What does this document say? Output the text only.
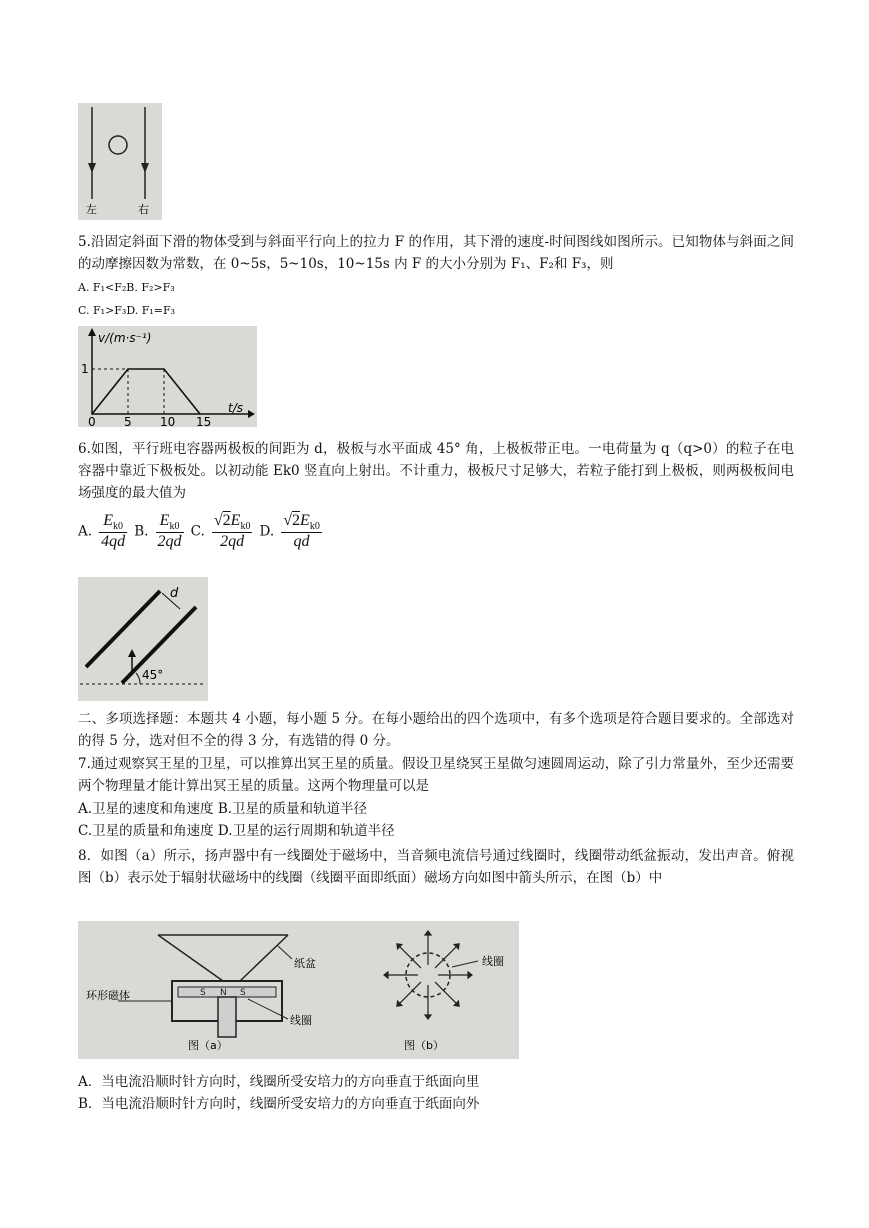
左	右
5.沿固定斜面下滑的物体受到与斜面平行向上的拉力 F 的作用，其下滑的速度-时间图线如图所示。已知物体与斜面之间的动摩擦因数为常数，在 0~5s，5~10s，10~15s 内 F 的大小分别为 F₁、F₂和 F₃，则
A. F₁<F₂B. F₂>F₃
C. F₁>F₃D. F₁=F₃
v/(m·s⁻¹)
t/s
1
0 5 10 15
6.如图，平行班电容器两极板的间距为 d，极板与水平面成 45° 角，上极板带正电。一电荷量为 q（q>0）的粒子在电容器中靠近下极板处。以初动能 Ek0 竖直向上射出。不计重力，极板尺寸足够大，若粒子能打到上极板，则两极板间电场强度的最大值为
A. $\frac{E_{k0}}{4qd} B$. $\frac{E_{k0}}{2qd} C$. $\frac{√2E_{k0}}{2qd} D$. $\frac{√2E_{k0}}{qd}$
d
45°
二、多项选择题：本题共 4 小题，每小题 5 分。在每小题给出的四个选项中，有多个选项是符合题目要求的。全部选对的得 5 分，选对但不全的得 3 分，有选错的得 0 分。
7.通过观察冥王星的卫星，可以推算出冥王星的质量。假设卫星绕冥王星做匀速圆周运动，除了引力常量外，至少还需要两个物理量才能计算出冥王星的质量。这两个物理量可以是
A.卫星的速度和角速度 B.卫星的质量和轨道半径
C.卫星的质量和角速度 D.卫星的运行周期和轨道半径
8．如图（a）所示，扬声器中有一线圈处于磁场中，当音频电流信号通过线圈时，线圈带动纸盆振动，发出声音。俯视图（b）表示处于辐射状磁场中的线圈（线圈平面即纸面）磁场方向如图中箭头所示，在图（b）中
纸盆
S N S
环形磁体
线圈
图（a）
线圈
图（b）
A．当电流沿顺时针方向时，线圈所受安培力的方向垂直于纸面向里
B．当电流沿顺时针方向时，线圈所受安培力的方向垂直于纸面向外
